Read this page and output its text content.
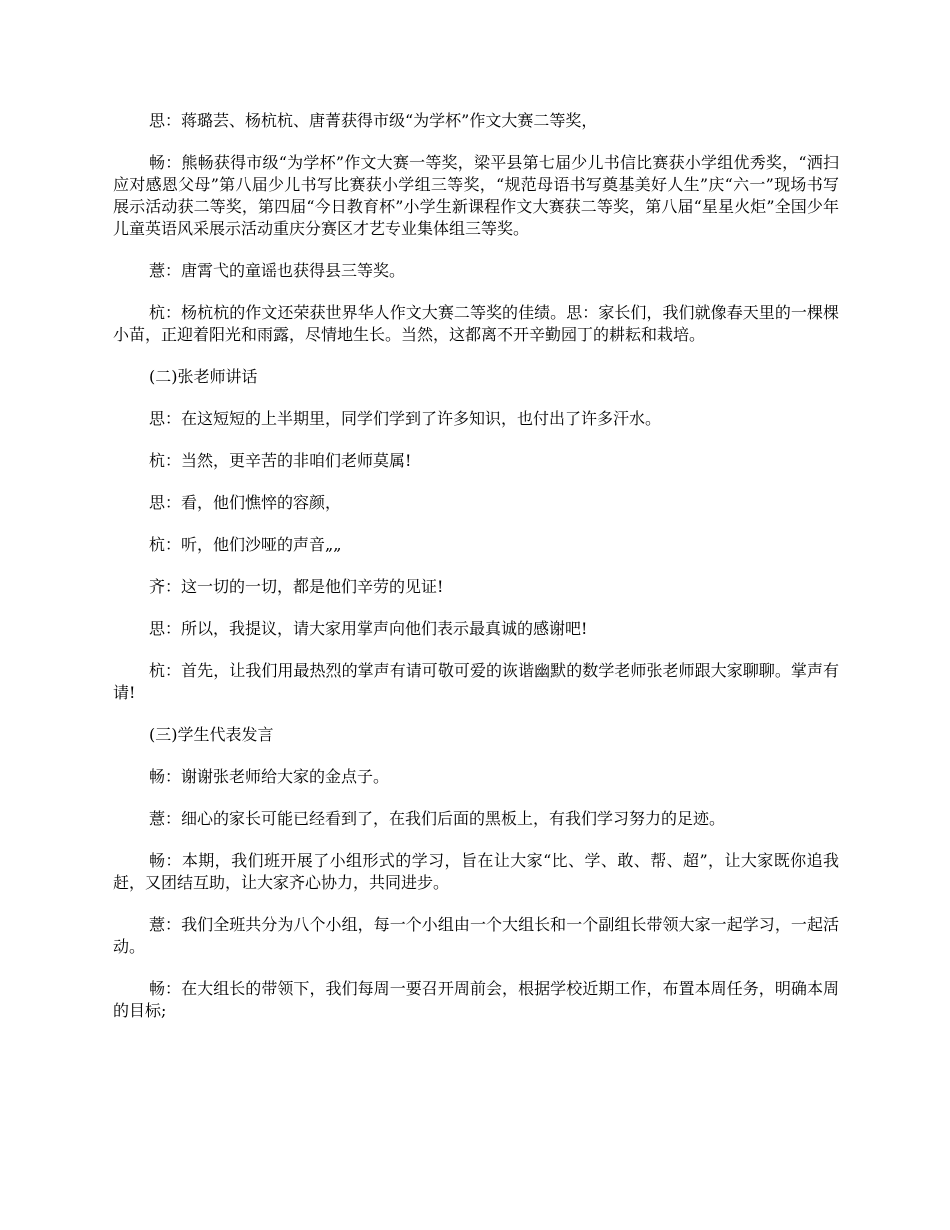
思：蒋璐芸、杨杭杭、唐菁获得市级“为学杯”作文大赛二等奖，

畅：熊畅获得市级“为学杯”作文大赛一等奖，梁平县第七届少儿书信比赛获小学组优秀奖，“洒扫应对感恩父母”第八届少儿书写比赛获小学组三等奖，“规范母语书写奠基美好人生”庆“六一”现场书写展示活动获二等奖，第四届“今日教育杯”小学生新课程作文大赛获二等奖，第八届“星星火炬”全国少年儿童英语风采展示活动重庆分赛区才艺专业集体组三等奖。

薏：唐霄弋的童谣也获得县三等奖。

杭：杨杭杭的作文还荣获世界华人作文大赛二等奖的佳绩。思：家长们，我们就像春天里的一棵棵小苗，正迎着阳光和雨露，尽情地生长。当然，这都离不开辛勤园丁的耕耘和栽培。

(二)张老师讲话

思：在这短短的上半期里，同学们学到了许多知识，也付出了许多汗水。

杭：当然，更辛苦的非咱们老师莫属!

思：看，他们憔悴的容颜，

杭：听，他们沙哑的声音„„

齐：这一切的一切，都是他们辛劳的见证!

思：所以，我提议，请大家用掌声向他们表示最真诚的感谢吧!

杭：首先，让我们用最热烈的掌声有请可敬可爱的诙谐幽默的数学老师张老师跟大家聊聊。掌声有请!

(三)学生代表发言

畅：谢谢张老师给大家的金点子。

薏：细心的家长可能已经看到了，在我们后面的黑板上，有我们学习努力的足迹。

畅：本期，我们班开展了小组形式的学习，旨在让大家“比、学、敢、帮、超”，让大家既你追我赶，又团结互助，让大家齐心协力，共同进步。

薏：我们全班共分为八个小组，每一个小组由一个大组长和一个副组长带领大家一起学习，一起活动。

畅：在大组长的带领下，我们每周一要召开周前会，根据学校近期工作，布置本周任务，明确本周的目标;
